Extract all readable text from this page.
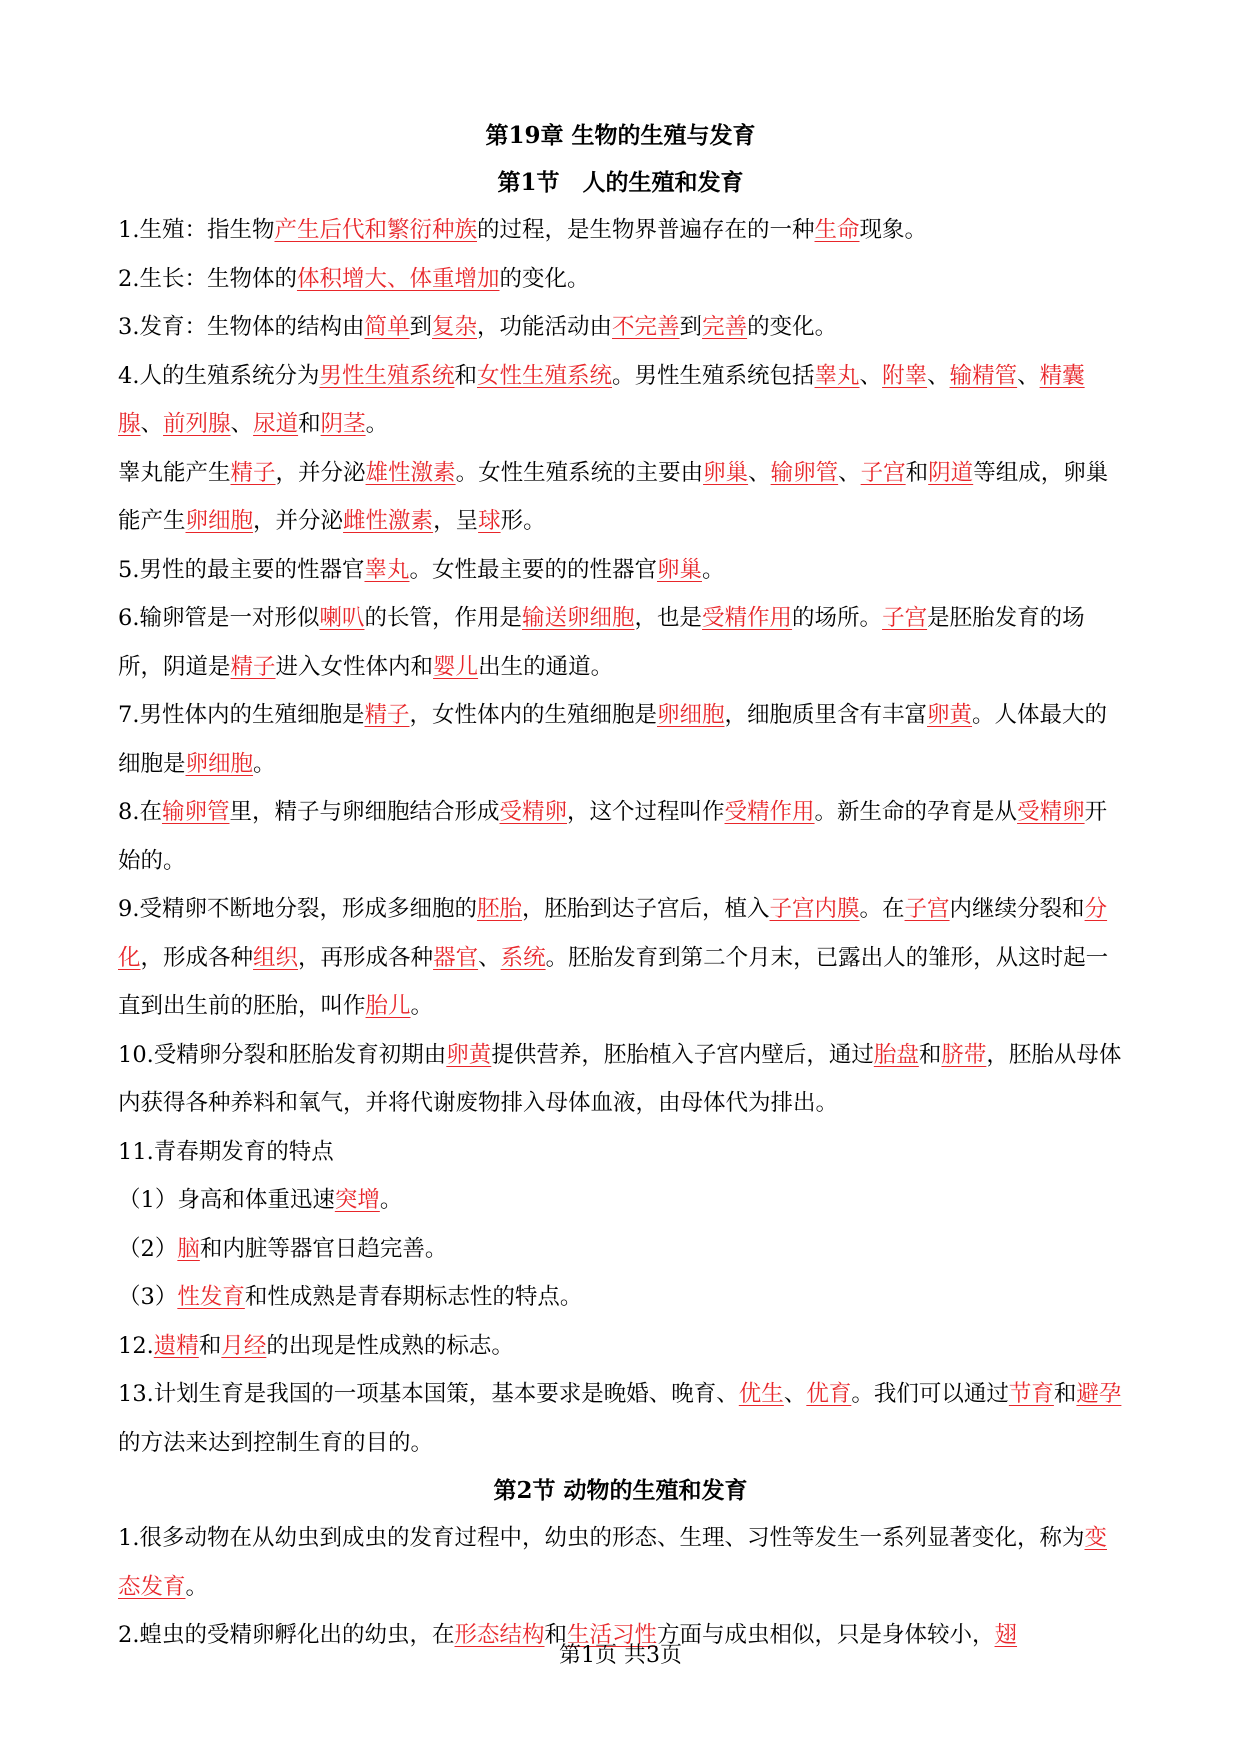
第19章 生物的生殖与发育
第1节　人的生殖和发育

1.生殖：指生物产生后代和繁衍种族的过程，是生物界普遍存在的一种生命现象。

2.生长：生物体的体积增大、体重增加的变化。

3.发育：生物体的结构由简单到复杂，功能活动由不完善到完善的变化。

4.人的生殖系统分为男性生殖系统和女性生殖系统。男性生殖系统包括睾丸、附睾、输精管、精囊腺、前列腺、尿道和阴茎。

睾丸能产生精子，并分泌雄性激素。女性生殖系统的主要由卵巢、输卵管、子宫和阴道等组成，卵巢能产生卵细胞，并分泌雌性激素，呈球形。

5.男性的最主要的性器官睾丸。女性最主要的的性器官卵巢。

6.输卵管是一对形似喇叭的长管，作用是输送卵细胞，也是受精作用的场所。子宫是胚胎发育的场所，阴道是精子进入女性体内和婴儿出生的通道。

7.男性体内的生殖细胞是精子，女性体内的生殖细胞是卵细胞，细胞质里含有丰富卵黄。人体最大的细胞是卵细胞。

8.在输卵管里，精子与卵细胞结合形成受精卵，这个过程叫作受精作用。新生命的孕育是从受精卵开始的。

9.受精卵不断地分裂，形成多细胞的胚胎，胚胎到达子宫后，植入子宫内膜。在子宫内继续分裂和分化，形成各种组织，再形成各种器官、系统。胚胎发育到第二个月末，已露出人的雏形，从这时起一直到出生前的胚胎，叫作胎儿。

10.受精卵分裂和胚胎发育初期由卵黄提供营养，胚胎植入子宫内壁后，通过胎盘和脐带，胚胎从母体内获得各种养料和氧气，并将代谢废物排入母体血液，由母体代为排出。

11.青春期发育的特点

（1）身高和体重迅速突增。

（2）脑和内脏等器官日趋完善。

（3）性发育和性成熟是青春期标志性的特点。

12.遗精和月经的出现是性成熟的标志。

13.计划生育是我国的一项基本国策，基本要求是晚婚、晚育、优生、优育。我们可以通过节育和避孕的方法来达到控制生育的目的。

第2节 动物的生殖和发育

1.很多动物在从幼虫到成虫的发育过程中，幼虫的形态、生理、习性等发生一系列显著变化，称为变态发育。

2.蝗虫的受精卵孵化出的幼虫，在形态结构和生活习性方面与成虫相似，只是身体较小，翅

第1页 共3页
